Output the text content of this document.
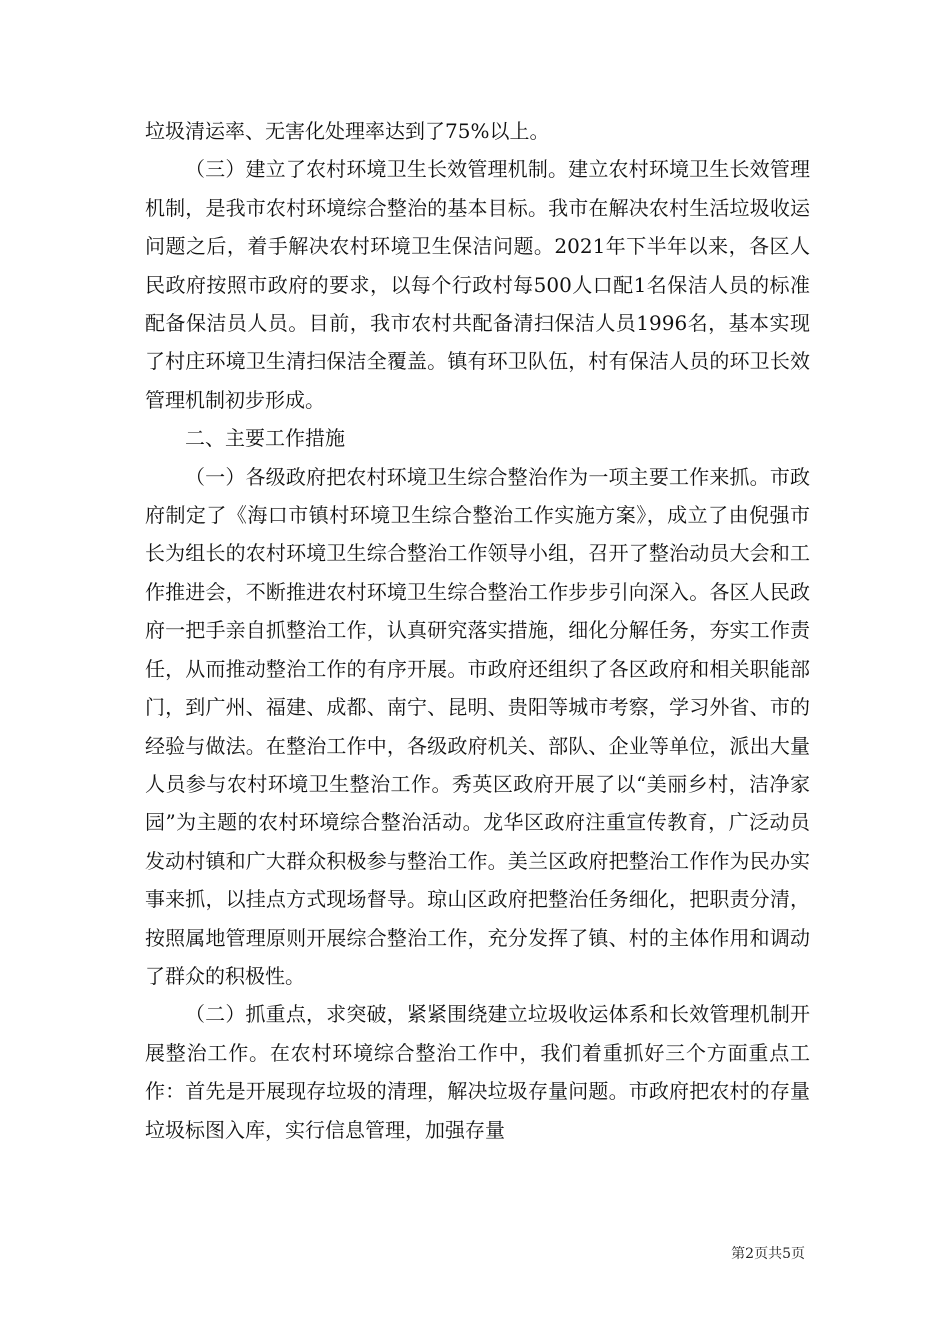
垃圾清运率、无害化处理率达到了75%以上。

（三）建立了农村环境卫生长效管理机制。建立农村环境卫生长效管理机制，是我市农村环境综合整治的基本目标。我市在解决农村生活垃圾收运问题之后，着手解决农村环境卫生保洁问题。2021年下半年以来，各区人民政府按照市政府的要求，以每个行政村每500人口配1名保洁人员的标准配备保洁员人员。目前，我市农村共配备清扫保洁人员1996名，基本实现了村庄环境卫生清扫保洁全覆盖。镇有环卫队伍，村有保洁人员的环卫长效管理机制初步形成。

二、主要工作措施

（一）各级政府把农村环境卫生综合整治作为一项主要工作来抓。市政府制定了《海口市镇村环境卫生综合整治工作实施方案》，成立了由倪强市长为组长的农村环境卫生综合整治工作领导小组，召开了整治动员大会和工作推进会，不断推进农村环境卫生综合整治工作步步引向深入。各区人民政府一把手亲自抓整治工作，认真研究落实措施，细化分解任务，夯实工作责任，从而推动整治工作的有序开展。市政府还组织了各区政府和相关职能部门，到广州、福建、成都、南宁、昆明、贵阳等城市考察，学习外省、市的经验与做法。在整治工作中，各级政府机关、部队、企业等单位，派出大量人员参与农村环境卫生整治工作。秀英区政府开展了以“美丽乡村，洁净家园”为主题的农村环境综合整治活动。龙华区政府注重宣传教育，广泛动员发动村镇和广大群众积极参与整治工作。美兰区政府把整治工作作为民办实事来抓，以挂点方式现场督导。琼山区政府把整治任务细化，把职责分清，按照属地管理原则开展综合整治工作，充分发挥了镇、村的主体作用和调动了群众的积极性。

（二）抓重点，求突破，紧紧围绕建立垃圾收运体系和长效管理机制开展整治工作。在农村环境综合整治工作中，我们着重抓好三个方面重点工作：首先是开展现存垃圾的清理，解决垃圾存量问题。市政府把农村的存量垃圾标图入库，实行信息管理，加强存量

第2页共5页
